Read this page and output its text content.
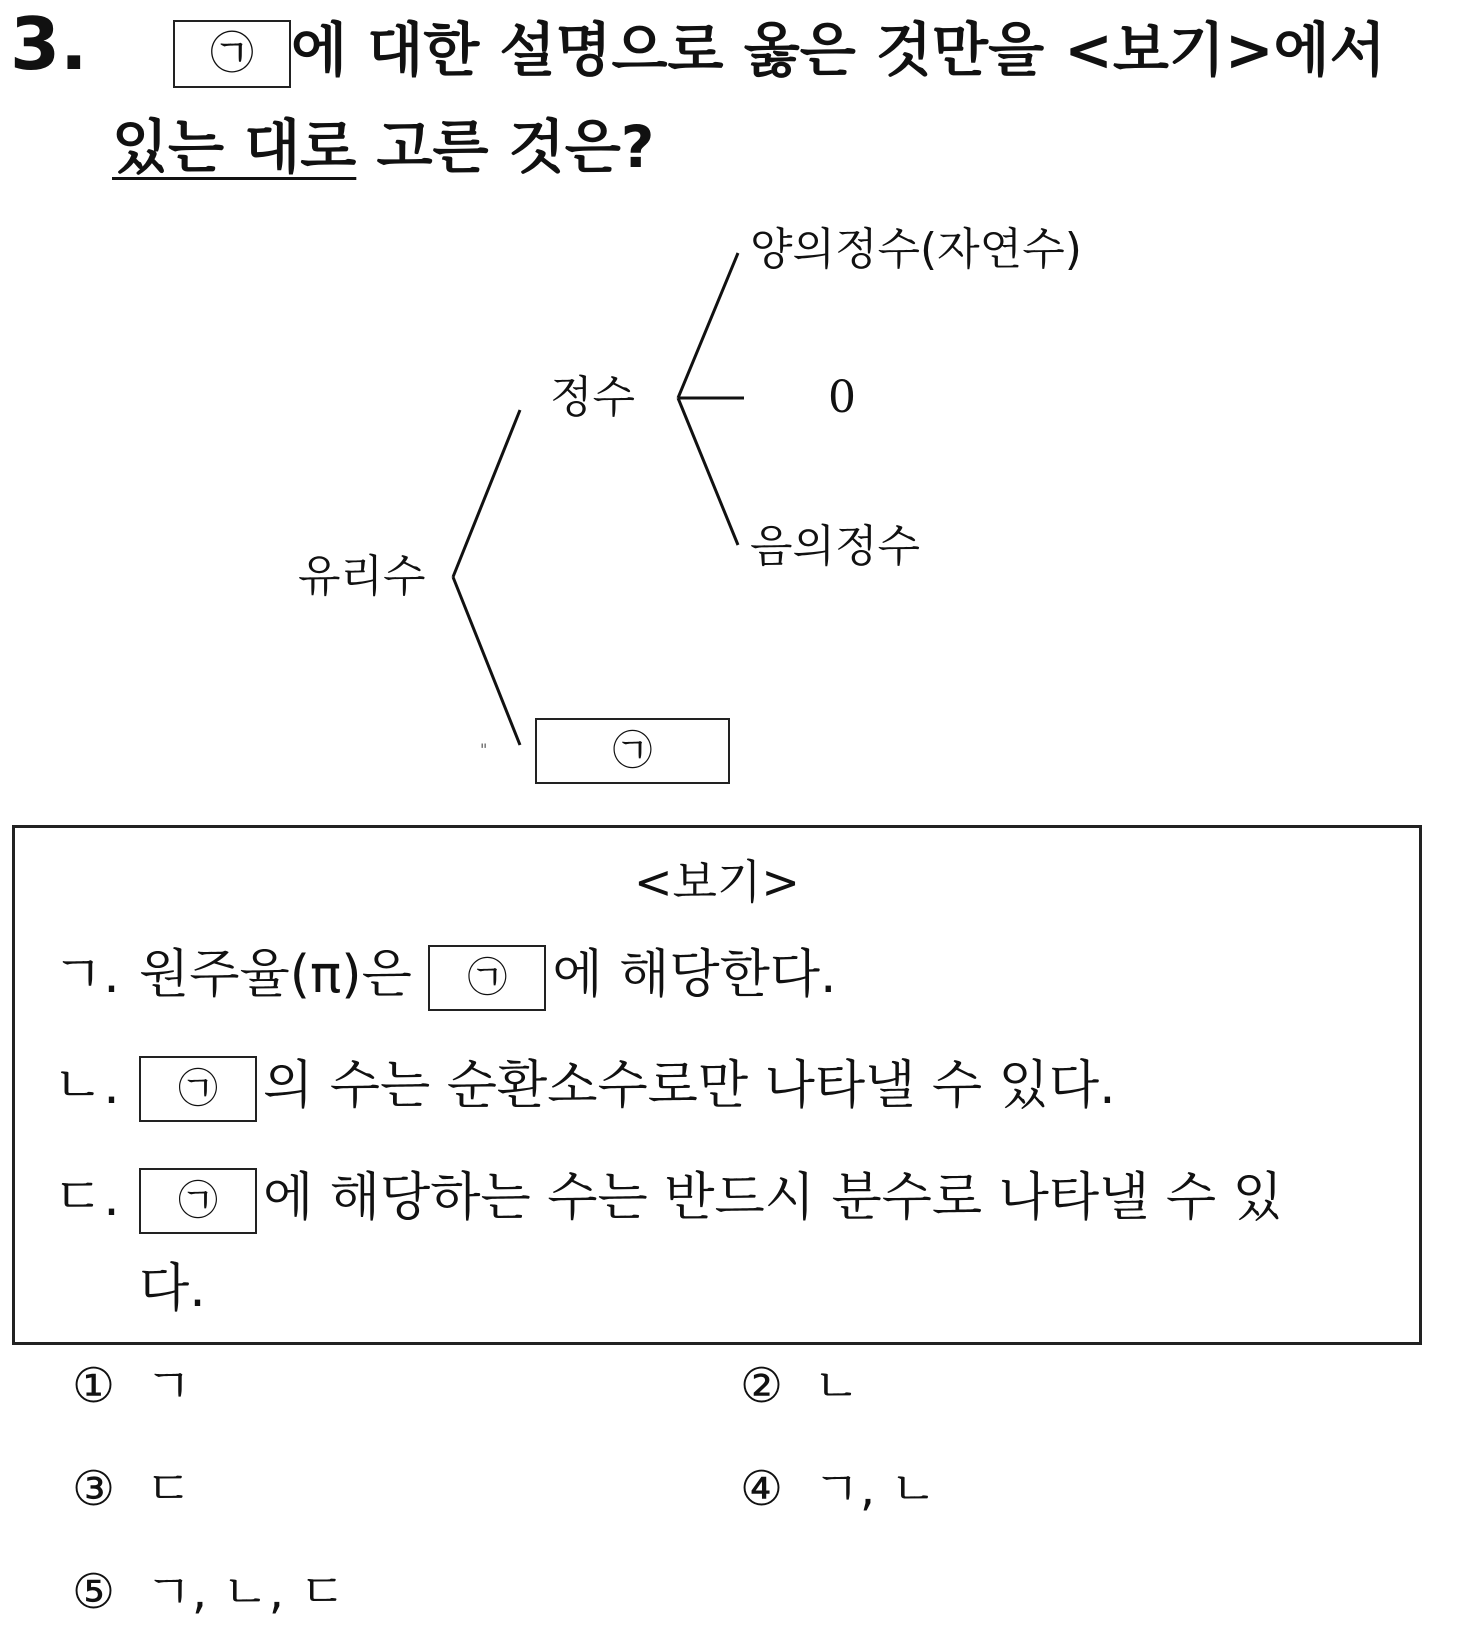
3.	㉠ 에 대한 설명으로 옳은 것만을 <보기>에서
있는 대로 고른 것은?
유리수
정수
양의정수(자연수)
0
음의정수
"	㉠
<보기>
ㄱ. 원주율(π)은 ㉠ 에 해당한다.
ㄴ. ㉠ 의 수는 순환소수로만 나타낼 수 있다.
ㄷ. ㉠ 에 해당하는 수는 반드시 분수로 나타낼 수 있
다.
① ㄱ	② ㄴ
③ ㄷ	④ ㄱ, ㄴ
⑤ ㄱ, ㄴ, ㄷ
